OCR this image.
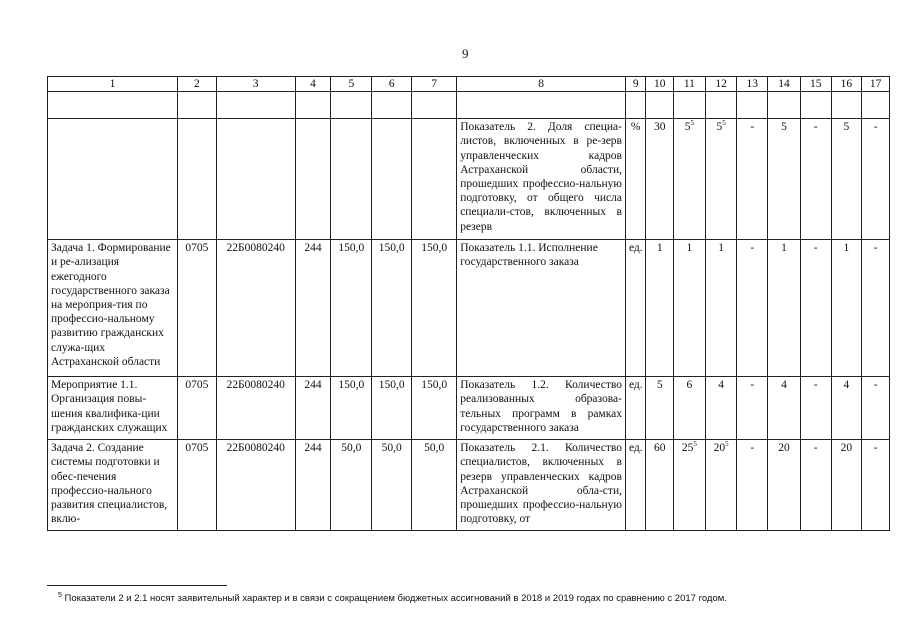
9
1	2	3	4	5	6	7	8	9	10	11	12	13	14	15	16	17

							Показатель 2. Доля специа-листов, включенных в ре-зерв управленческих кадров Астраханской области, прошедших профессио-нальную подготовку, от общего числа специали-стов, включенных в резерв	%	30	$5^5$	$5^5$	-	5	-	5	-
Задача 1. Формирование и ре-ализация ежегодного государственного заказа на мероприя-тия по профессио-нальному развитию гражданских служа-щих Астраханской области	0705	22Б0080240	244	150,0	150,0	150,0	Показатель 1.1. Исполнение государственного заказа	ед.	1	1	1	-	1	-	1	-
Мероприятие 1.1. Организация повы-шения квалифика-ции гражданских служащих	0705	22Б0080240	244	150,0	150,0	150,0	Показатель 1.2. Количество реализованных образова-тельных программ в рамках государственного заказа	ед.	5	6	4	-	4	-	4	-
Задача 2. Создание системы подготовки и обес-печения профессио-нального развития специалистов, вклю-	0705	22Б0080240	244	50,0	50,0	50,0	Показатель 2.1. Количество специалистов, включенных в резерв управленческих кадров Астраханской обла-сти, прошедших профессио-нальную подготовку, от	ед.	60	$25^5$	$20^5$	-	20	-	20	-
$^5$ Показатели 2 и 2.1 носят заявительный характер и в связи с сокращением бюджетных ассигнований в 2018 и 2019 годах по сравнению с 2017 годом.
